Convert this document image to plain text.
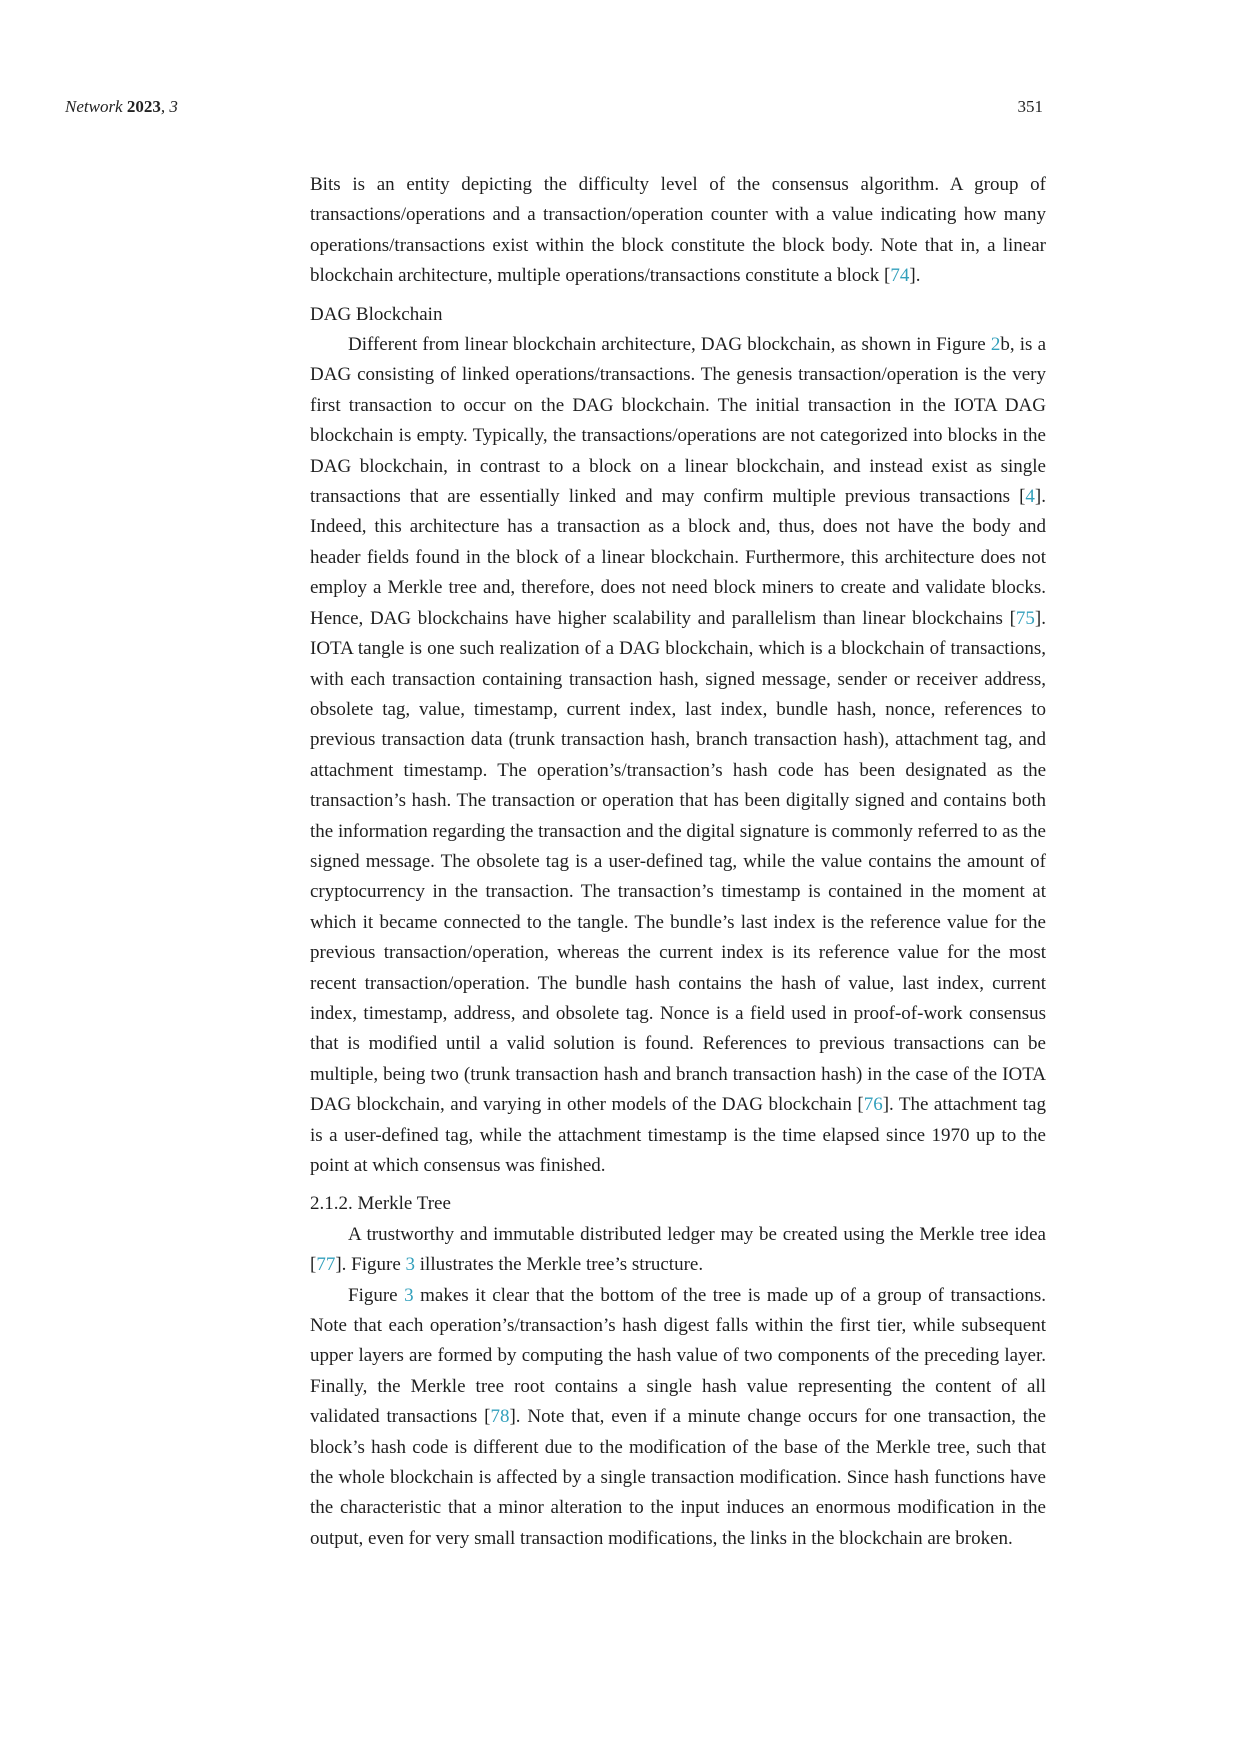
Network 2023, 3	351

Bits is an entity depicting the difficulty level of the consensus algorithm. A group of transactions/operations and a transaction/operation counter with a value indicating how many operations/transactions exist within the block constitute the block body. Note that in, a linear blockchain architecture, multiple operations/transactions constitute a block [74].

DAG Blockchain

Different from linear blockchain architecture, DAG blockchain, as shown in Figure 2b, is a DAG consisting of linked operations/transactions. The genesis transaction/operation is the very first transaction to occur on the DAG blockchain. The initial transaction in the IOTA DAG blockchain is empty. Typically, the transactions/operations are not categorized into blocks in the DAG blockchain, in contrast to a block on a linear blockchain, and instead exist as single transactions that are essentially linked and may confirm multiple previous transactions [4]. Indeed, this architecture has a transaction as a block and, thus, does not have the body and header fields found in the block of a linear blockchain. Furthermore, this architecture does not employ a Merkle tree and, therefore, does not need block miners to create and validate blocks. Hence, DAG blockchains have higher scalability and parallelism than linear blockchains [75]. IOTA tangle is one such realization of a DAG blockchain, which is a blockchain of transactions, with each transaction containing transaction hash, signed message, sender or receiver address, obsolete tag, value, timestamp, current index, last index, bundle hash, nonce, references to previous transaction data (trunk transaction hash, branch transaction hash), attachment tag, and attachment timestamp. The operation’s/transaction’s hash code has been designated as the transaction’s hash. The transaction or operation that has been digitally signed and contains both the information regarding the transaction and the digital signature is commonly referred to as the signed message. The obsolete tag is a user-defined tag, while the value contains the amount of cryptocurrency in the transaction. The transaction’s timestamp is contained in the moment at which it became connected to the tangle. The bundle’s last index is the reference value for the previous transaction/operation, whereas the current index is its reference value for the most recent transaction/operation. The bundle hash contains the hash of value, last index, current index, timestamp, address, and obsolete tag. Nonce is a field used in proof-of-work consensus that is modified until a valid solution is found. References to previous transactions can be multiple, being two (trunk transaction hash and branch transaction hash) in the case of the IOTA DAG blockchain, and varying in other models of the DAG blockchain [76]. The attachment tag is a user-defined tag, while the attachment timestamp is the time elapsed since 1970 up to the point at which consensus was finished.

2.1.2. Merkle Tree

A trustworthy and immutable distributed ledger may be created using the Merkle tree idea [77]. Figure 3 illustrates the Merkle tree’s structure.

Figure 3 makes it clear that the bottom of the tree is made up of a group of transactions. Note that each operation’s/transaction’s hash digest falls within the first tier, while subsequent upper layers are formed by computing the hash value of two components of the preceding layer. Finally, the Merkle tree root contains a single hash value representing the content of all validated transactions [78]. Note that, even if a minute change occurs for one transaction, the block’s hash code is different due to the modification of the base of the Merkle tree, such that the whole blockchain is affected by a single transaction modification. Since hash functions have the characteristic that a minor alteration to the input induces an enormous modification in the output, even for very small transaction modifications, the links in the blockchain are broken.
